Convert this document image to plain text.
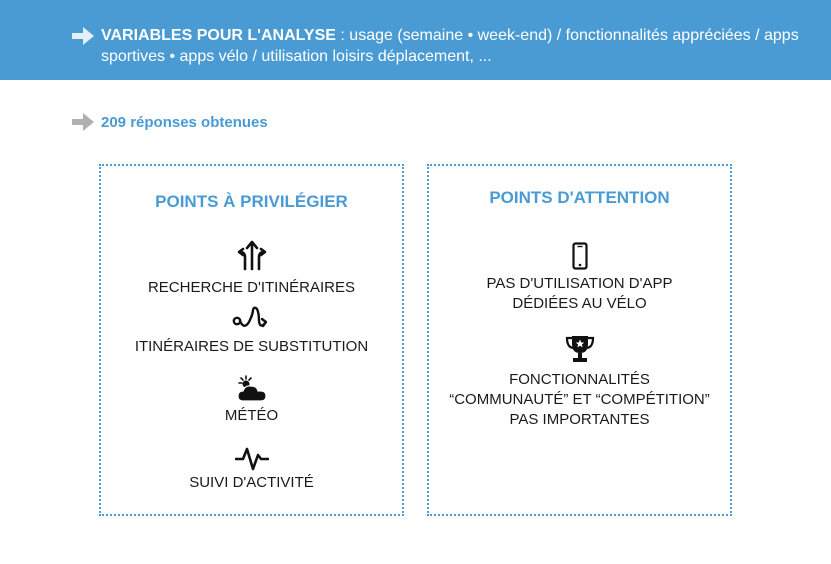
VARIABLES POUR L'ANALYSE : usage (semaine • week-end) / fonctionnalités appréciées / apps sportives • apps vélo / utilisation loisirs déplacement, ...
209 réponses obtenues
POINTS À PRIVILÉGIER
RECHERCHE D'ITINÉRAIRES
ITINÉRAIRES DE SUBSTITUTION
MÉTÉO
SUIVI D'ACTIVITÉ
POINTS D'ATTENTION
PAS D'UTILISATION D'APP
DÉDIÉES AU VÉLO
FONCTIONNALITÉS
“COMMUNAUTÉ” ET “COMPÉTITION”
PAS IMPORTANTES
